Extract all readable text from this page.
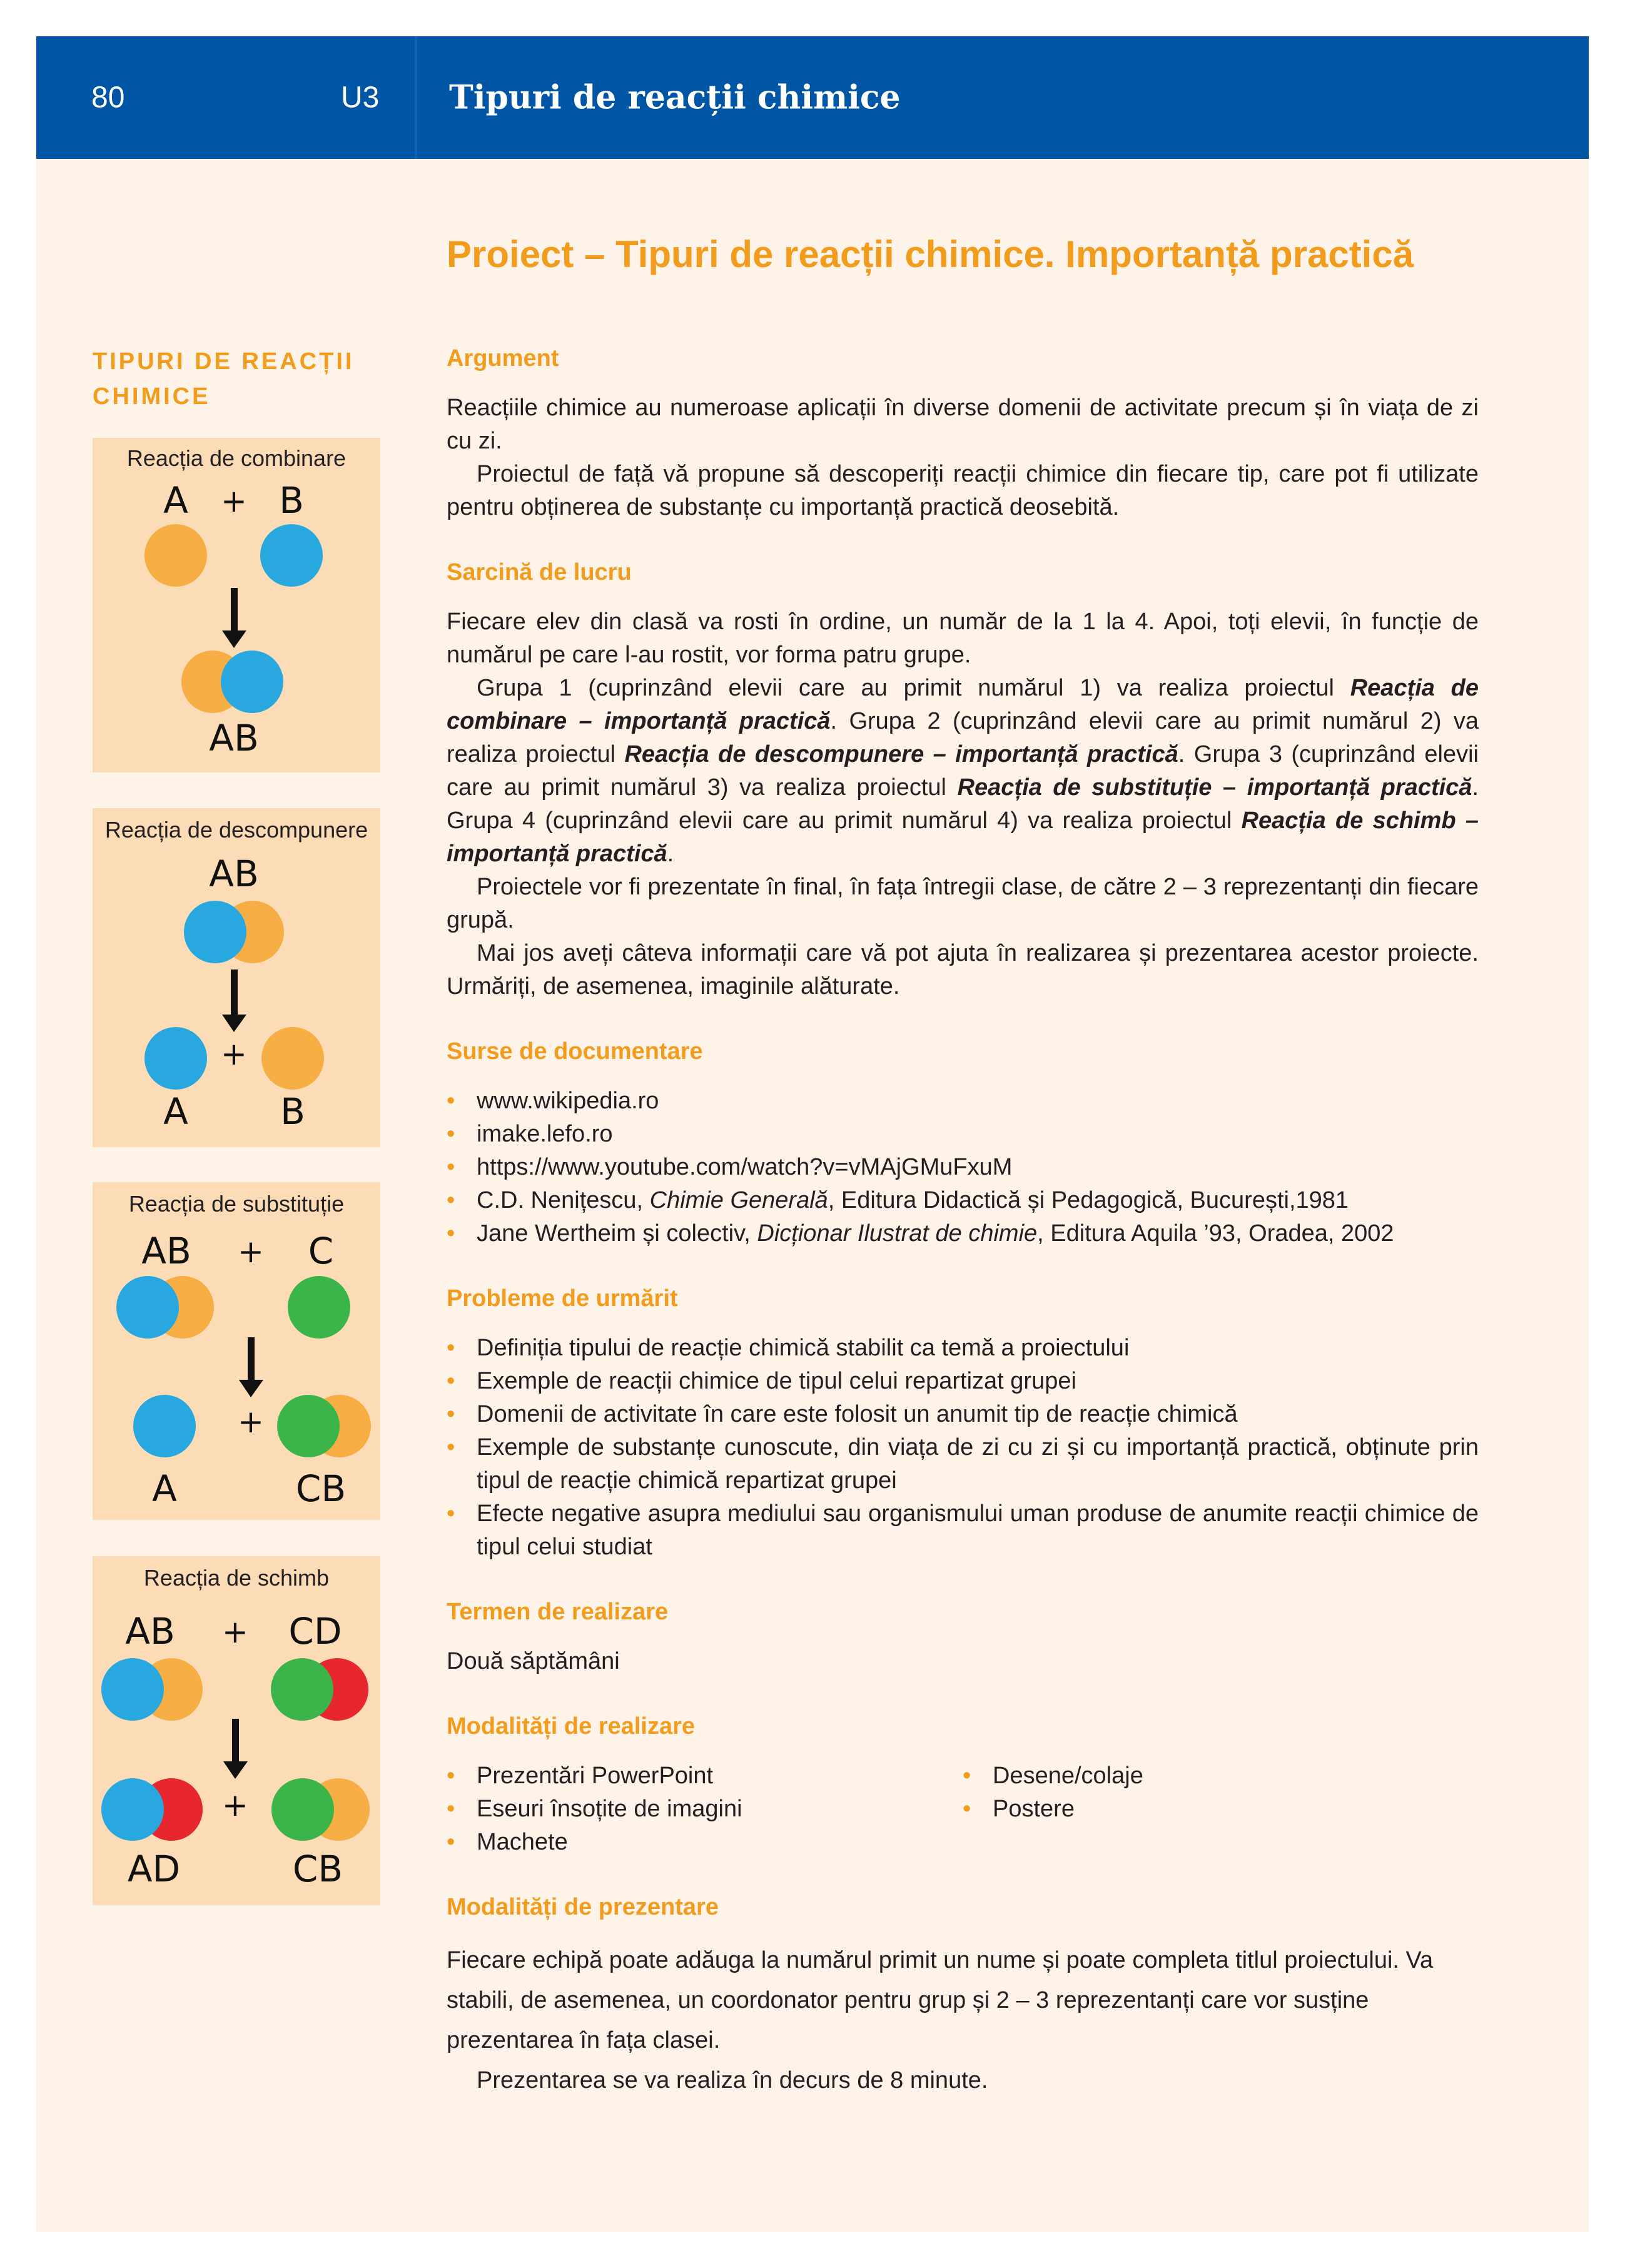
80	U3 Tipuri de reacții chimice
Proiect – Tipuri de reacții chimice. Importanță practică
TIPURI DE REACȚII CHIMICE
Reacția de combinare
A + B
AB
Reacția de descompunere
AB
+
A	B
Reacția de substituție
AB + C
+
A	CB
Reacția de schimb
AB + CD
+
AD	CB
Argument

Reacțiile chimice au numeroase aplicații în diverse domenii de activitate precum și în viața de zi cu zi.

Proiectul de față vă propune să descoperiți reacții chimice din fiecare tip, care pot fi utilizate pentru obținerea de substanțe cu importanță practică deosebită.

Sarcină de lucru

Fiecare elev din clasă va rosti în ordine, un număr de la 1 la 4. Apoi, toți elevii, în funcție de numărul pe care l-au rostit, vor forma patru grupe.

Grupa 1 (cuprinzând elevii care au primit numărul 1) va realiza proiectul Reacția de combinare – importanță practică. Grupa 2 (cuprinzând elevii care au primit numărul 2) va realiza proiectul Reacția de descompunere – importanță practică. Grupa 3 (cuprinzând elevii care au primit numărul 3) va realiza proiectul Reacția de substituție – importanță practică. Grupa 4 (cuprinzând elevii care au primit numărul 4) va realiza proiectul Reacția de schimb – importanță practică.

Proiectele vor fi prezentate în final, în fața întregii clase, de către 2 – 3 reprezentanți din fiecare grupă.

Mai jos aveți câteva informații care vă pot ajuta în realizarea și prezentarea acestor proiecte. Urmăriți, de asemenea, imaginile alăturate.

Surse de documentare
• www.wikipedia.ro
• imake.lefo.ro
• https://www.youtube.com/watch?v=vMAjGMuFxuM
• C.D. Nenițescu, Chimie Generală, Editura Didactică și Pedagogică, București,1981
• Jane Wertheim și colectiv, Dicționar Ilustrat de chimie, Editura Aquila ’93, Oradea, 2002
Probleme de urmărit
• Definiția tipului de reacție chimică stabilit ca temă a proiectului
• Exemple de reacții chimice de tipul celui repartizat grupei
• Domenii de activitate în care este folosit un anumit tip de reacție chimică
• Exemple de substanțe cunoscute, din viața de zi cu zi și cu importanță practică, obținute prin tipul de reacție chimică repartizat grupei
• Efecte negative asupra mediului sau organismului uman produse de anumite reacții chimice de tipul celui studiat
Termen de realizare

Două săptămâni

Modalități de realizare
• Prezentări PowerPoint
• Eseuri însoțite de imagini
• Machete
• Desene/colaje
• Postere
Modalități de prezentare

Fiecare echipă poate adăuga la numărul primit un nume și poate completa titlul proiectului. Va stabili, de asemenea, un coordonator pentru grup și 2 – 3 reprezentanți care vor susține prezentarea în fața clasei.

Prezentarea se va realiza în decurs de 8 minute.
